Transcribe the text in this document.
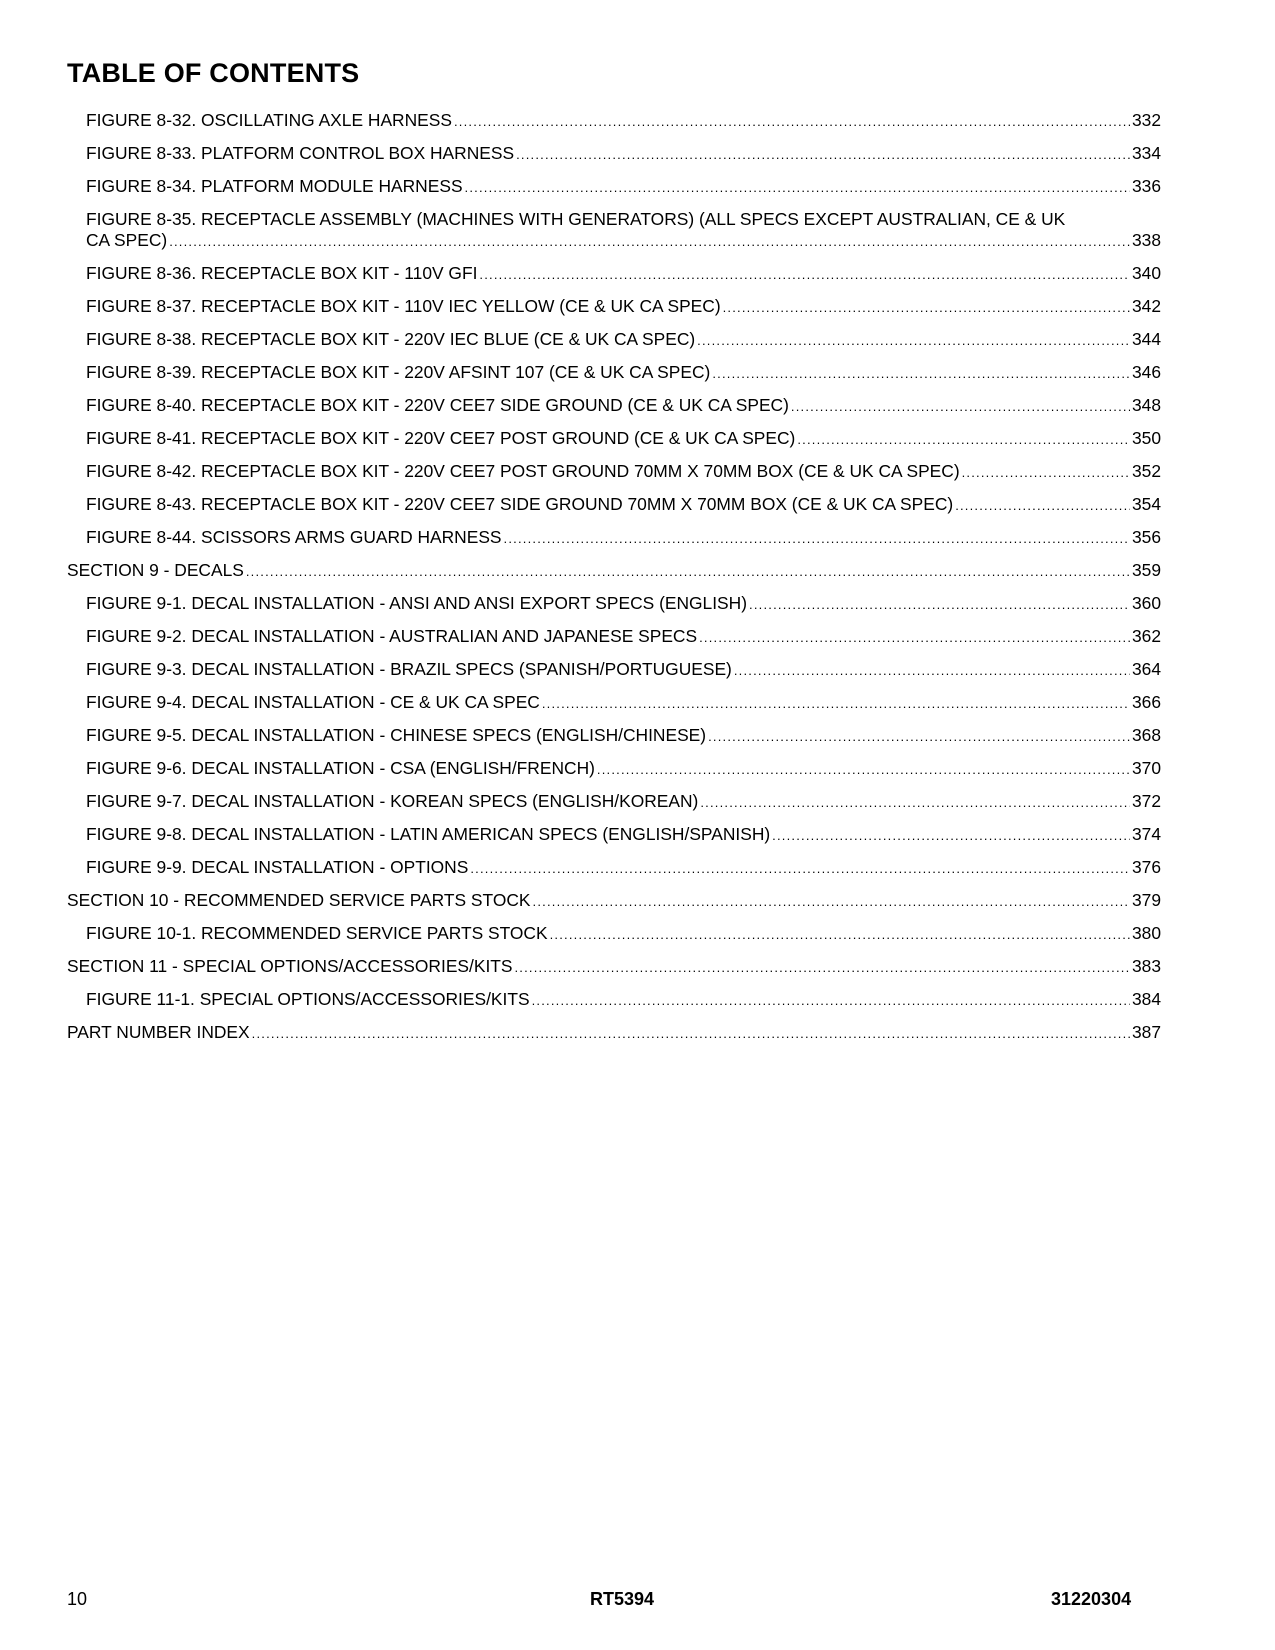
TABLE OF CONTENTS
FIGURE 8-32. OSCILLATING AXLE HARNESS .....	332
FIGURE 8-33. PLATFORM CONTROL BOX HARNESS .....	334
FIGURE 8-34. PLATFORM MODULE HARNESS .....	336
FIGURE 8-35. RECEPTACLE ASSEMBLY (MACHINES WITH GENERATORS) (ALL SPECS EXCEPT AUSTRALIAN, CE & UK
CA SPEC) .....	338
FIGURE 8-36. RECEPTACLE BOX KIT - 110V GFI .....	340
FIGURE 8-37. RECEPTACLE BOX KIT - 110V IEC YELLOW (CE & UK CA SPEC) .....	342
FIGURE 8-38. RECEPTACLE BOX KIT - 220V IEC BLUE (CE & UK CA SPEC) .....	344
FIGURE 8-39. RECEPTACLE BOX KIT - 220V AFSINT 107 (CE & UK CA SPEC) .....	346
FIGURE 8-40. RECEPTACLE BOX KIT - 220V CEE7 SIDE GROUND (CE & UK CA SPEC) .....	348
FIGURE 8-41. RECEPTACLE BOX KIT - 220V CEE7 POST GROUND (CE & UK CA SPEC) .....	350
FIGURE 8-42. RECEPTACLE BOX KIT - 220V CEE7 POST GROUND 70MM X 70MM BOX (CE & UK CA SPEC) .....	352
FIGURE 8-43. RECEPTACLE BOX KIT - 220V CEE7 SIDE GROUND 70MM X 70MM BOX (CE & UK CA SPEC) .....	354
FIGURE 8-44. SCISSORS ARMS GUARD HARNESS .....	356
SECTION 9 - DECALS .....	359
FIGURE 9-1. DECAL INSTALLATION - ANSI AND ANSI EXPORT SPECS (ENGLISH) .....	360
FIGURE 9-2. DECAL INSTALLATION - AUSTRALIAN AND JAPANESE SPECS .....	362
FIGURE 9-3. DECAL INSTALLATION - BRAZIL SPECS (SPANISH/PORTUGUESE) .....	364
FIGURE 9-4. DECAL INSTALLATION - CE & UK CA SPEC .....	366
FIGURE 9-5. DECAL INSTALLATION - CHINESE SPECS (ENGLISH/CHINESE) .....	368
FIGURE 9-6. DECAL INSTALLATION - CSA (ENGLISH/FRENCH) .....	370
FIGURE 9-7. DECAL INSTALLATION - KOREAN SPECS (ENGLISH/KOREAN) .....	372
FIGURE 9-8. DECAL INSTALLATION - LATIN AMERICAN SPECS (ENGLISH/SPANISH) .....	374
FIGURE 9-9. DECAL INSTALLATION - OPTIONS .....	376
SECTION 10 - RECOMMENDED SERVICE PARTS STOCK .....	379
FIGURE 10-1. RECOMMENDED SERVICE PARTS STOCK .....	380
SECTION 11 - SPECIAL OPTIONS/ACCESSORIES/KITS .....	383
FIGURE 11-1. SPECIAL OPTIONS/ACCESSORIES/KITS .....	384
PART NUMBER INDEX .....	387
10	RT5394	31220304
